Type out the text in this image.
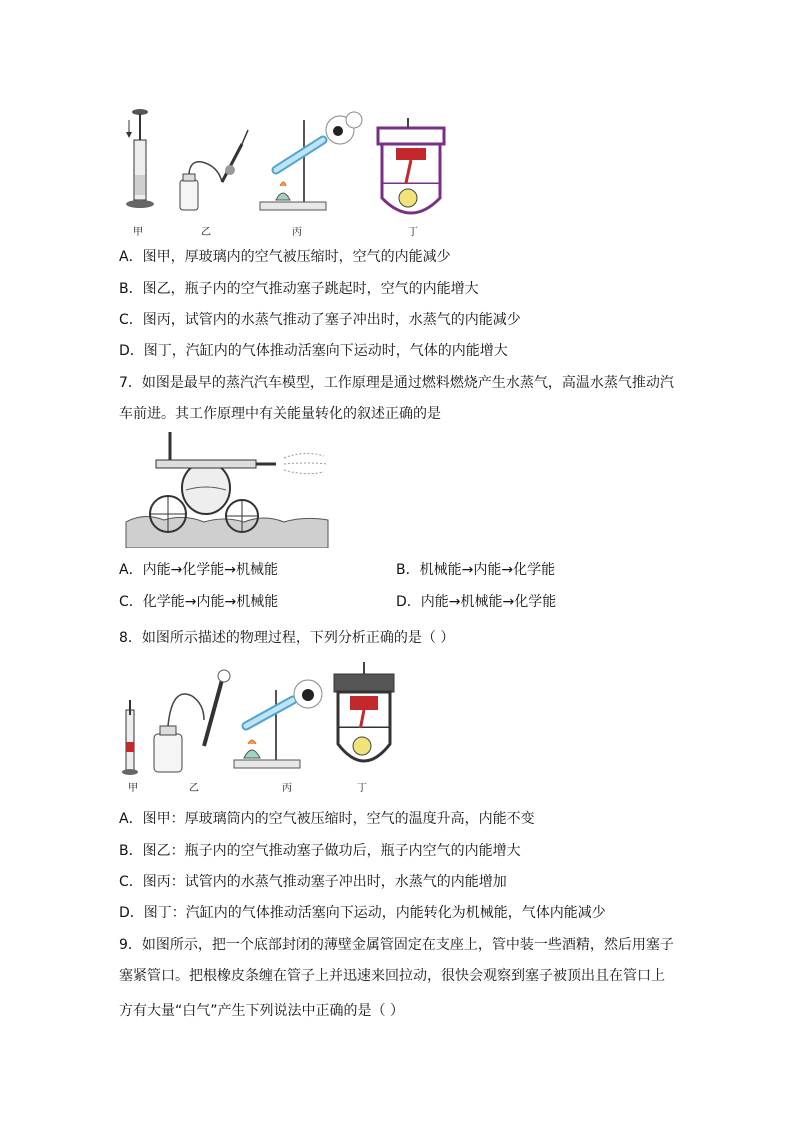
甲	乙	丙	丁
A．图甲，厚玻璃内的空气被压缩时，空气的内能减少
B．图乙，瓶子内的空气推动塞子跳起时，空气的内能增大
C．图丙，试管内的水蒸气推动了塞子冲出时，水蒸气的内能减少
D．图丁，汽缸内的气体推动活塞向下运动时，气体的内能增大
7．如图是最早的蒸汽汽车模型，工作原理是通过燃料燃烧产生水蒸气，高温水蒸气推动汽
车前进。其工作原理中有关能量转化的叙述正确的是
A．内能→化学能→机械能	B．机械能→内能→化学能
C．化学能→内能→机械能	D．内能→机械能→化学能
8．如图所示描述的物理过程，下列分析正确的是（ ）
甲	乙	丙	丁
A．图甲：厚玻璃筒内的空气被压缩时，空气的温度升高，内能不变
B．图乙：瓶子内的空气推动塞子做功后，瓶子内空气的内能增大
C．图丙：试管内的水蒸气推动塞子冲出时，水蒸气的内能增加
D．图丁：汽缸内的气体推动活塞向下运动，内能转化为机械能，气体内能减少
9．如图所示，把一个底部封闭的薄壁金属管固定在支座上，管中装一些酒精，然后用塞子
塞紧管口。把根橡皮条缠在管子上并迅速来回拉动，很快会观察到塞子被顶出且在管口上
方有大量“白气”产生下列说法中正确的是（ ）
